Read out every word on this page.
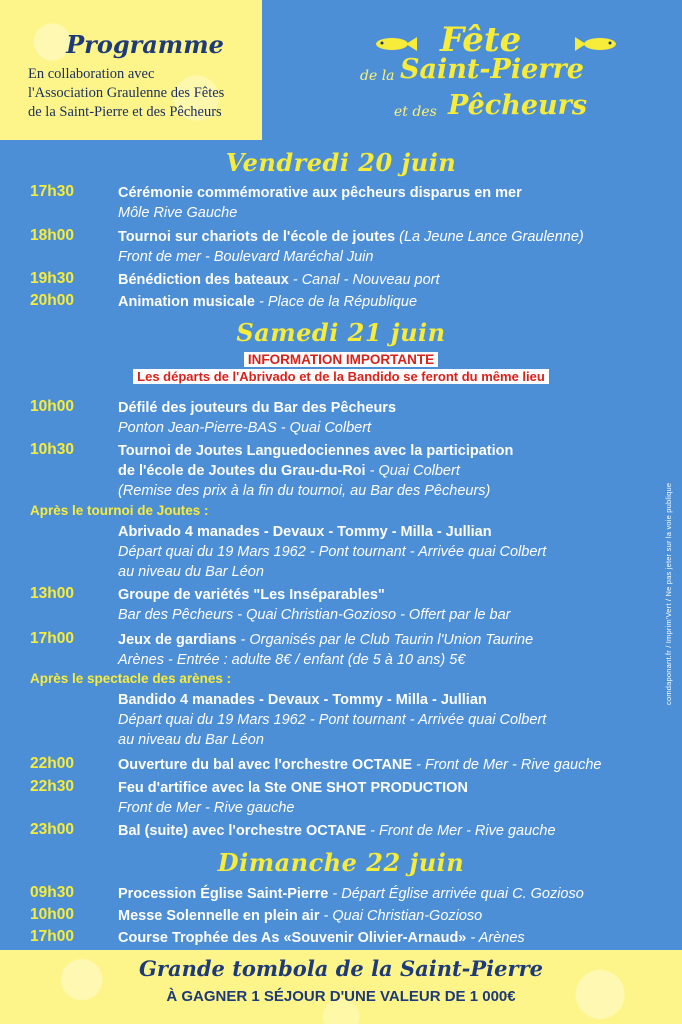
Programme
En collaboration avec
l'Association Graulenne des Fêtes
de la Saint-Pierre et des Pêcheurs
Fête
de la Saint-Pierre
et des Pêcheurs
Vendredi 20 juin
17h30	Cérémonie commémorative aux pêcheurs disparus en mer
Môle Rive Gauche
18h00	Tournoi sur chariots de l'école de joutes (La Jeune Lance Graulenne)
Front de mer - Boulevard Maréchal Juin
19h30	Bénédiction des bateaux - Canal - Nouveau port
20h00	Animation musicale - Place de la République
Samedi 21 juin
INFORMATION IMPORTANTE
Les départs de l'Abrivado et de la Bandido se feront du même lieu
10h00	Défilé des jouteurs du Bar des Pêcheurs
Ponton Jean-Pierre-BAS - Quai Colbert
10h30	Tournoi de Joutes Languedociennes avec la participation
de l'école de Joutes du Grau-du-Roi - Quai Colbert
(Remise des prix à la fin du tournoi, au Bar des Pêcheurs)
Après le tournoi de Joutes :
Abrivado 4 manades - Devaux - Tommy - Milla - Jullian
Départ quai du 19 Mars 1962 - Pont tournant - Arrivée quai Colbert
au niveau du Bar Léon
13h00	Groupe de variétés "Les Inséparables"
Bar des Pêcheurs - Quai Christian-Gozioso - Offert par le bar
17h00	Jeux de gardians - Organisés par le Club Taurin l'Union Taurine
Arènes - Entrée : adulte 8€ / enfant (de 5 à 10 ans) 5€
Après le spectacle des arènes :
Bandido 4 manades - Devaux - Tommy - Milla - Jullian
Départ quai du 19 Mars 1962 - Pont tournant - Arrivée quai Colbert
au niveau du Bar Léon
22h00	Ouverture du bal avec l'orchestre OCTANE - Front de Mer - Rive gauche
22h30	Feu d'artifice avec la Ste ONE SHOT PRODUCTION
Front de Mer - Rive gauche
23h00	Bal (suite) avec l'orchestre OCTANE - Front de Mer - Rive gauche
Dimanche 22 juin
09h30	Procession Église Saint-Pierre - Départ Église arrivée quai C. Gozioso
10h00	Messe Solennelle en plein air - Quai Christian-Gozioso
17h00	Course Trophée des As «Souvenir Olivier-Arnaud» - Arènes
comdaponant.fr / Imprim'Vert / Ne pas jeter sur la voie publique
Grande tombola de la Saint-Pierre
À GAGNER 1 SÉJOUR D'UNE VALEUR DE 1 000€
